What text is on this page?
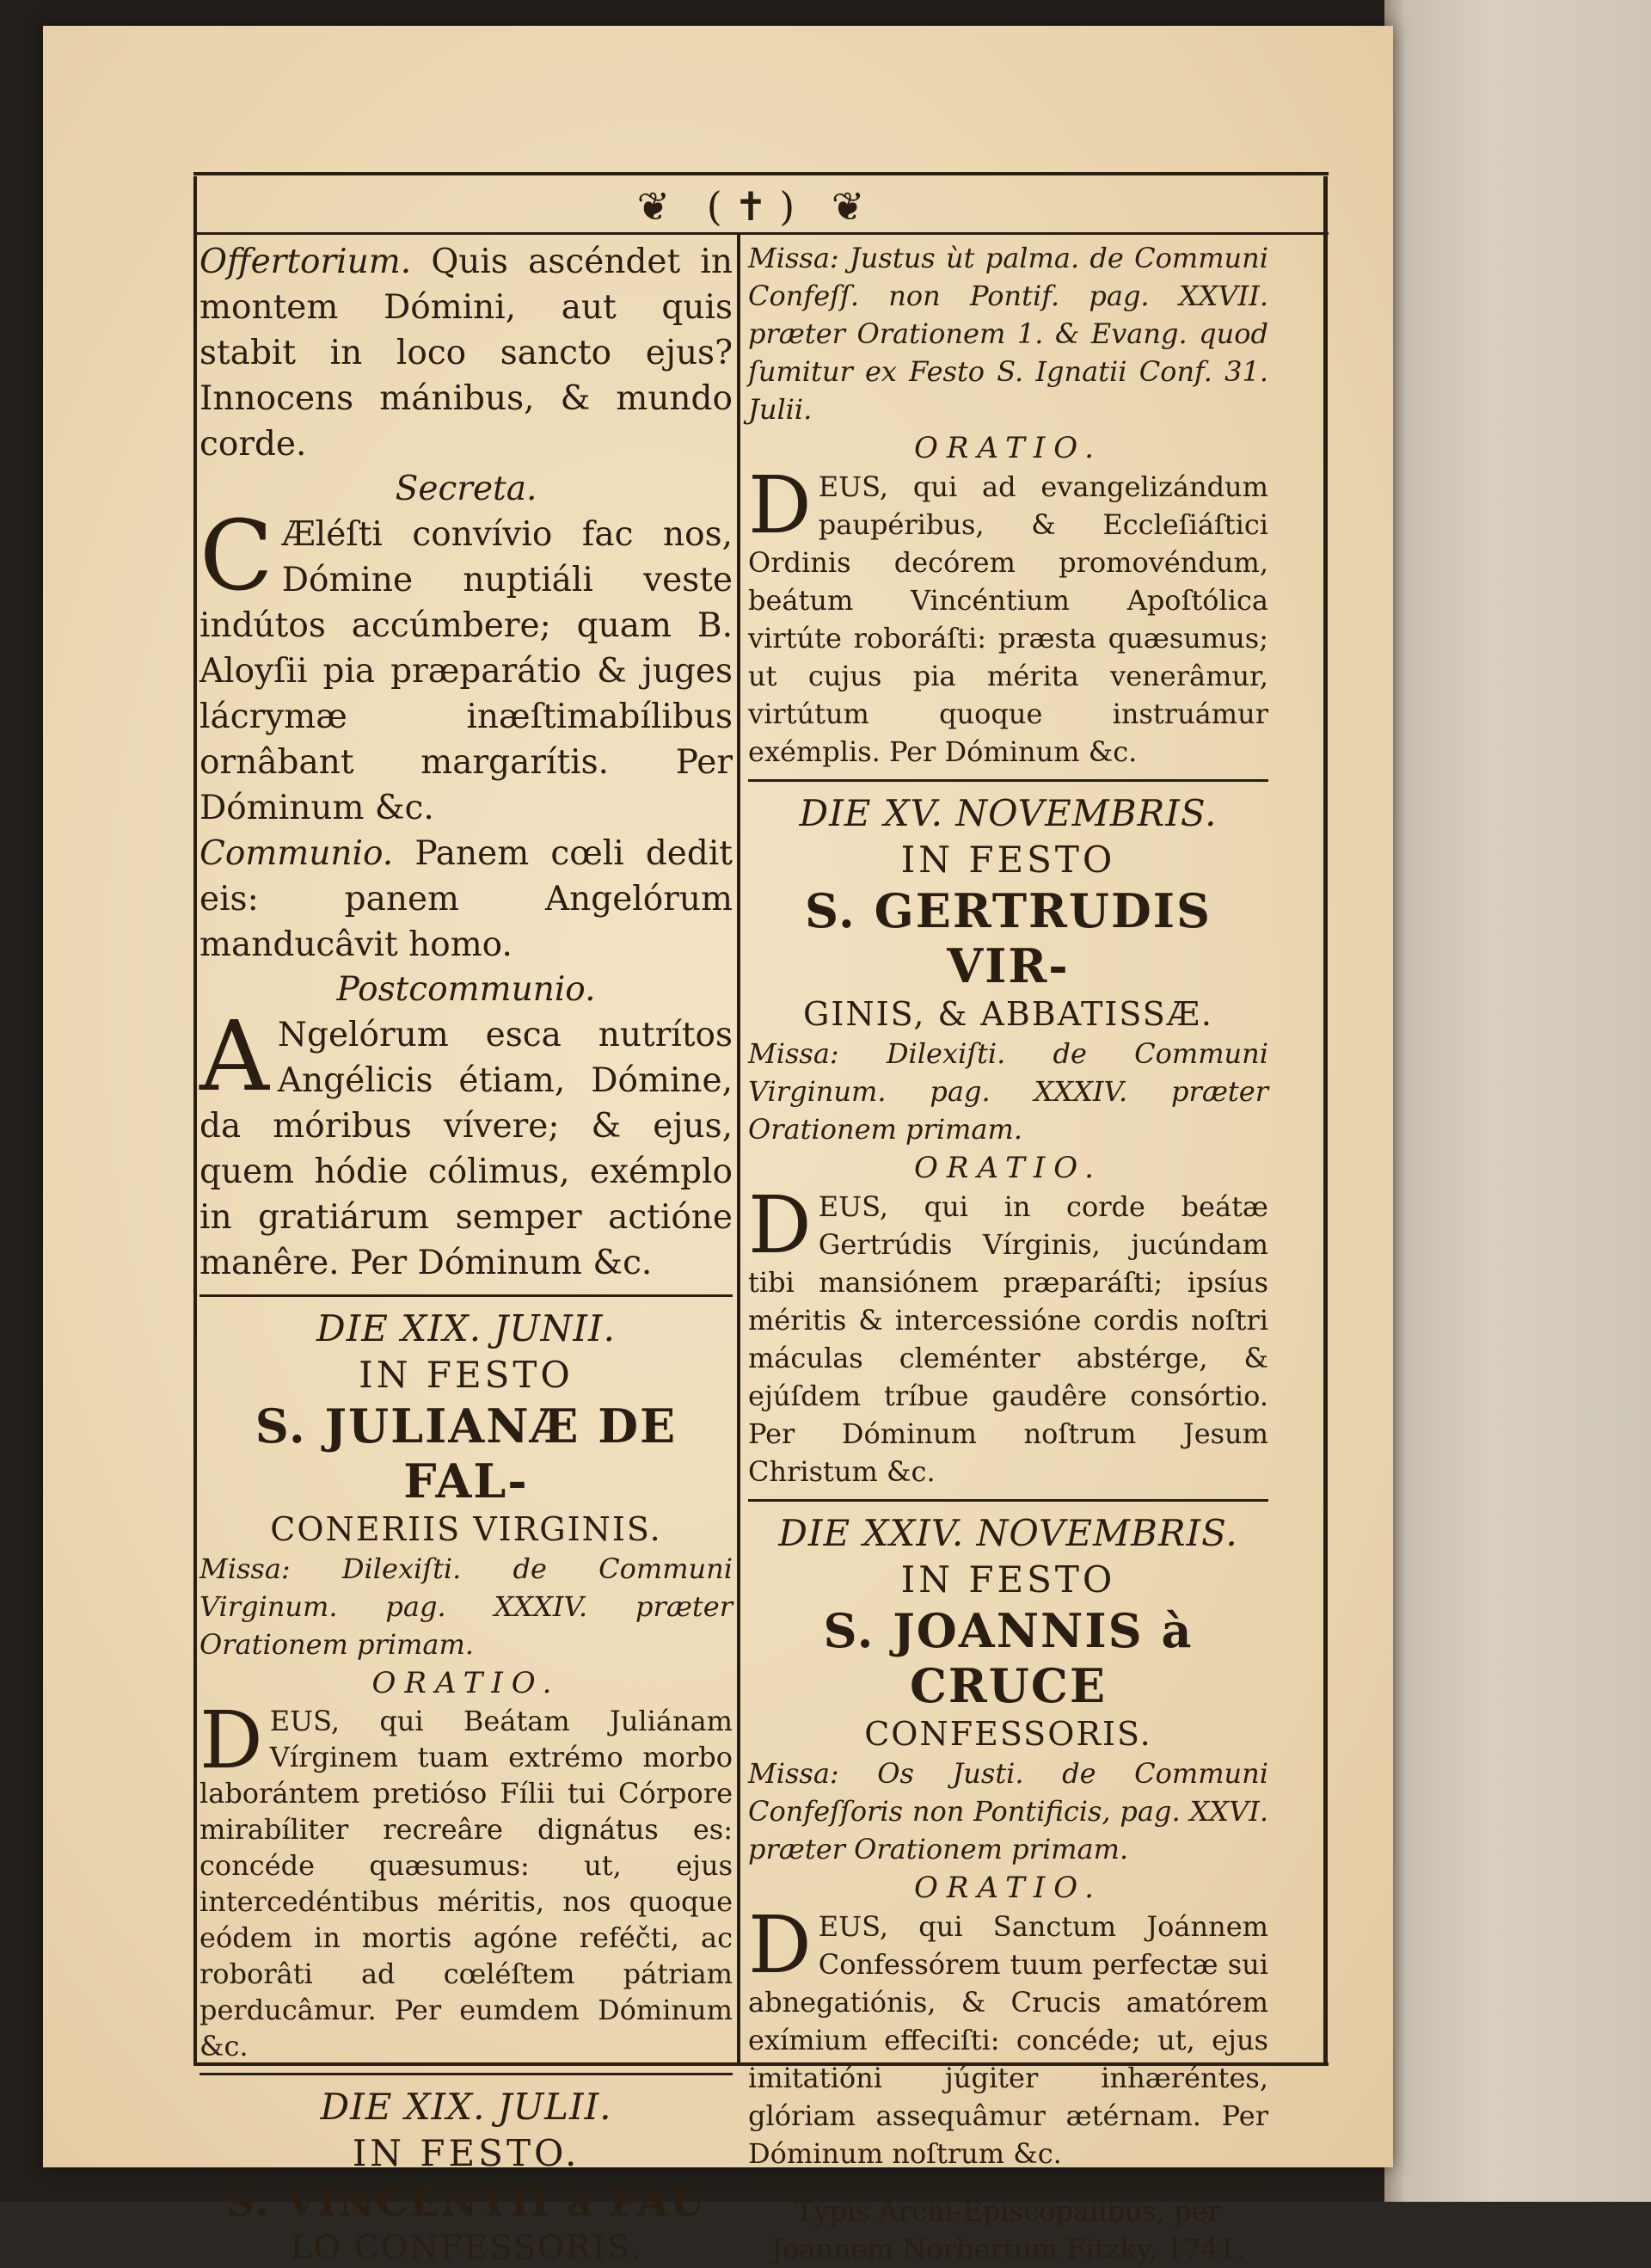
❦ (✝) ❦

Offertorium. Quis ascéndet in montem Dómini, aut quis stabit in loco sancto ejus? Innocens mánibus, & mundo corde.

Secreta.

C Æléſti convívio fac nos, Dómine nuptiáli veste indútos accúmbere; quam B. Aloyſii pia præparátio & juges lácrymæ inæſtimabílibus ornâbant margarítis. Per Dóminum &c.

Communio. Panem cœli dedit eis: panem Angelórum manducâvit homo.

Postcommunio.

A Ngelórum esca nutrítos Angélicis étiam, Dómine, da móribus vívere; & ejus, quem hódie cólimus, exémplo in gratiárum semper actióne manêre. Per Dóminum &c.

DIE XIX. JUNII.

IN FESTO

S. JULIANÆ DE FAL-

CONERIIS VIRGINIS.

Missa: Dilexiſti. de Communi Virginum. pag. XXXIV. præter Orationem primam.

ORATIO.

D EUS, qui Beátam Juliánam Vírginem tuam extrémo morbo laborántem pretióso Fílii tui Córpore mirabíliter recreâre dignátus es: concéde quæsumus: ut, ejus intercedéntibus méritis, nos quoque eódem in mortis agóne reféčti, ac roborâti ad cœléſtem pátriam perducâmur. Per eumdem Dóminum &c.

DIE XIX. JULII.

IN FESTO.

S. VINCENTII à PAU

LO CONFESSORIS.

Missa: Justus ùt palma. de Communi Confeſſ. non Pontif. pag. XXVII. præter Orationem 1. & Evang. quod ſumitur ex Festo S. Ignatii Conf. 31. Julii.

ORATIO.

D EUS, qui ad evangelizándum paupéribus, & Eccleſiáſtici Ordinis decórem promovéndum, beátum Vincéntium Apoſtólica virtúte roboráſti: præsta quæsumus; ut cujus pia mérita venerâmur, virtútum quoque instruámur exémplis. Per Dóminum &c.

DIE XV. NOVEMBRIS.

IN FESTO

S. GERTRUDIS VIR-

GINIS, & ABBATISSÆ.

Missa: Dilexiſti. de Communi Virginum. pag. XXXIV. præter Orationem primam.

ORATIO.

D EUS, qui in corde beátæ Gertrúdis Vírginis, jucúndam tibi mansiónem præparáſti; ipsíus méritis & intercessióne cordis noſtri máculas cleménter abstérge, & ejúſdem tríbue gaudêre consórtio. Per Dóminum noſtrum Jesum Christum &c.

DIE XXIV. NOVEMBRIS.

IN FESTO

S. JOANNIS à CRUCE

CONFESSORIS.

Missa: Os Justi. de Communi Confeſſoris non Pontificis, pag. XXVI. præter Orationem primam.

ORATIO.

D EUS, qui Sanctum Joánnem Confessórem tuum perfectæ sui abnegatiónis, & Crucis amatórem exímium effeciſti: concéde; ut, ejus imitatióni júgiter inhæréntes, glóriam assequâmur ætérnam. Per Dóminum noſtrum &c.

Typis Archi-Episcopalibus, per Joannem Norbertum Fitzky, 1741.
